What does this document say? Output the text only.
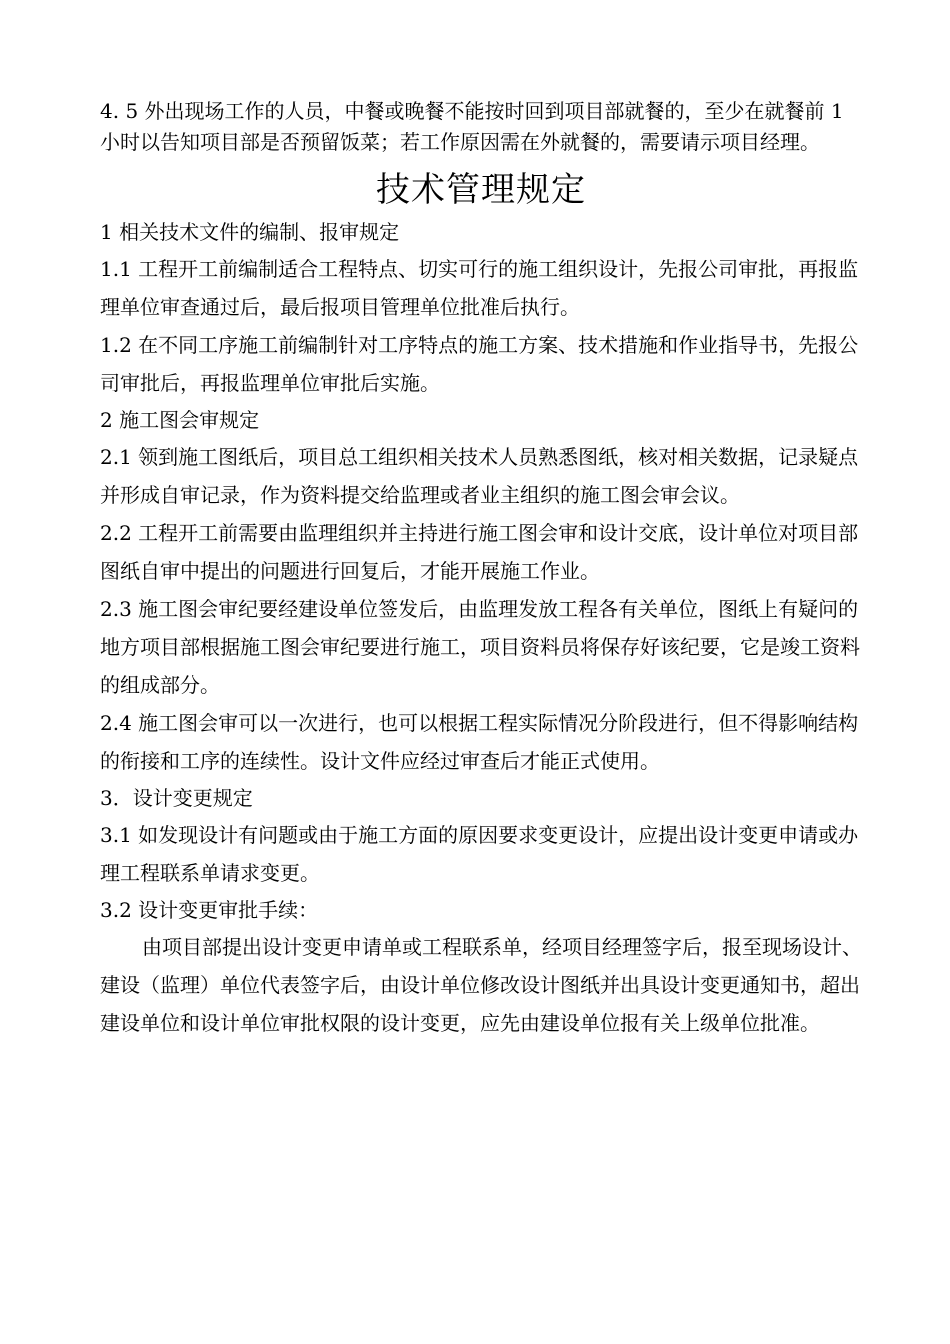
4. 5 外出现场工作的人员，中餐或晚餐不能按时回到项目部就餐的，至少在就餐前 1 小时以告知项目部是否预留饭菜；若工作原因需在外就餐的，需要请示项目经理。

技术管理规定

1 相关技术文件的编制、报审规定

1.1 工程开工前编制适合工程特点、切实可行的施工组织设计，先报公司审批，再报监理单位审查通过后，最后报项目管理单位批准后执行。

1.2 在不同工序施工前编制针对工序特点的施工方案、技术措施和作业指导书，先报公司审批后，再报监理单位审批后实施。

2 施工图会审规定

2.1 领到施工图纸后，项目总工组织相关技术人员熟悉图纸，核对相关数据，记录疑点并形成自审记录，作为资料提交给监理或者业主组织的施工图会审会议。

2.2 工程开工前需要由监理组织并主持进行施工图会审和设计交底，设计单位对项目部图纸自审中提出的问题进行回复后，才能开展施工作业。

2.3 施工图会审纪要经建设单位签发后，由监理发放工程各有关单位，图纸上有疑问的地方项目部根据施工图会审纪要进行施工，项目资料员将保存好该纪要，它是竣工资料的组成部分。

2.4 施工图会审可以一次进行，也可以根据工程实际情况分阶段进行，但不得影响结构的衔接和工序的连续性。设计文件应经过审查后才能正式使用。

3．设计变更规定

3.1 如发现设计有问题或由于施工方面的原因要求变更设计，应提出设计变更申请或办理工程联系单请求变更。

3.2 设计变更审批手续：

由项目部提出设计变更申请单或工程联系单，经项目经理签字后，报至现场设计、建设（监理）单位代表签字后，由设计单位修改设计图纸并出具设计变更通知书，超出建设单位和设计单位审批权限的设计变更，应先由建设单位报有关上级单位批准。
